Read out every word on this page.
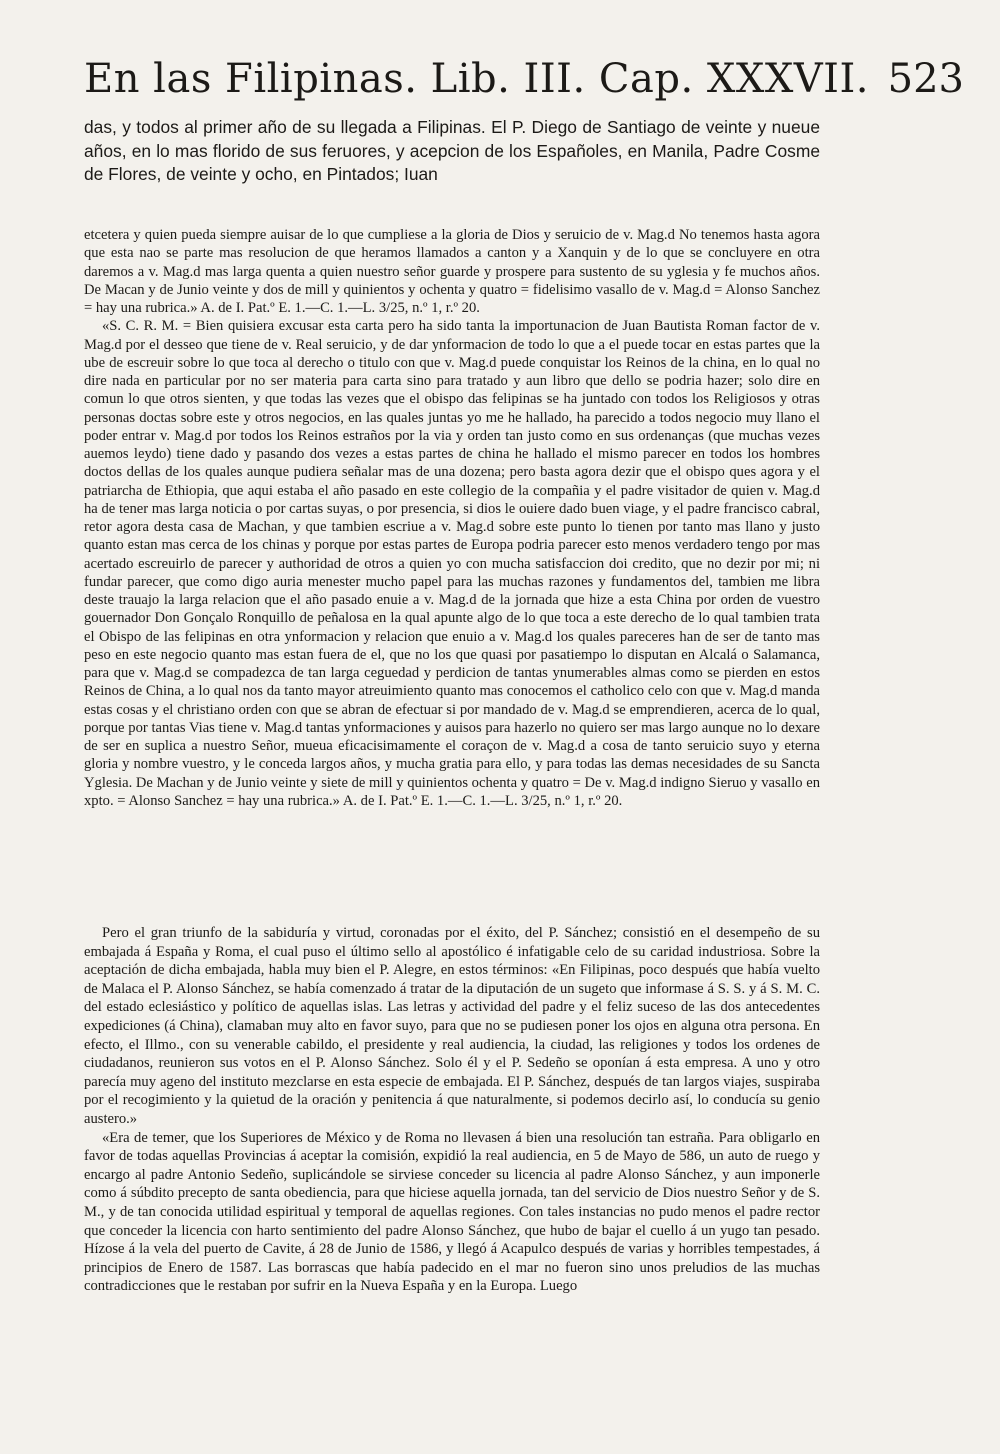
En las Filipinas. Lib. III. Cap. XXXVII. 523

das, y todos al primer año de su llegada a Filipinas. El P. Diego de Santiago de veinte y nueue años, en lo mas florido de sus feruores, y acepcion de los Españoles, en Manila, Padre Cosme de Flores, de veinte y ocho, en Pintados; Iuan

etcetera y quien pueda siempre auisar de lo que cumpliese a la gloria de Dios y seruicio de v. Mag.d No tenemos hasta agora que esta nao se parte mas resolucion de que heramos llamados a canton y a Xanquin y de lo que se concluyere en otra daremos a v. Mag.d mas larga quenta a quien nuestro señor guarde y prospere para sustento de su yglesia y fe muchos años. De Macan y de Junio veinte y dos de mill y quinientos y ochenta y quatro = fidelisimo vasallo de v. Mag.d = Alonso Sanchez = hay una rubrica.» A. de I. Pat.º E. 1.—C. 1.—L. 3/25, n.º 1, r.º 20.

«S. C. R. M. = Bien quisiera excusar esta carta pero ha sido tanta la importunacion de Juan Bautista Roman factor de v. Mag.d por el desseo que tiene de v. Real seruicio, y de dar ynformacion de todo lo que a el puede tocar en estas partes que la ube de escreuir sobre lo que toca al derecho o titulo con que v. Mag.d puede conquistar los Reinos de la china, en lo qual no dire nada en particular por no ser materia para carta sino para tratado y aun libro que dello se podria hazer; solo dire en comun lo que otros sienten, y que todas las vezes que el obispo das felipinas se ha juntado con todos los Religiosos y otras personas doctas sobre este y otros negocios, en las quales juntas yo me he hallado, ha parecido a todos negocio muy llano el poder entrar v. Mag.d por todos los Reinos estraños por la via y orden tan justo como en sus ordenanças (que muchas vezes auemos leydo) tiene dado y pasando dos vezes a estas partes de china he hallado el mismo parecer en todos los hombres doctos dellas de los quales aunque pudiera señalar mas de una dozena; pero basta agora dezir que el obispo ques agora y el patriarcha de Ethiopia, que aqui estaba el año pasado en este collegio de la compañia y el padre visitador de quien v. Mag.d ha de tener mas larga noticia o por cartas suyas, o por presencia, si dios le ouiere dado buen viage, y el padre francisco cabral, retor agora desta casa de Machan, y que tambien escriue a v. Mag.d sobre este punto lo tienen por tanto mas llano y justo quanto estan mas cerca de los chinas y porque por estas partes de Europa podria parecer esto menos verdadero tengo por mas acertado escreuirlo de parecer y authoridad de otros a quien yo con mucha satisfaccion doi credito, que no dezir por mi; ni fundar parecer, que como digo auria menester mucho papel para las muchas razones y fundamentos del, tambien me libra deste trauajo la larga relacion que el año pasado enuie a v. Mag.d de la jornada que hize a esta China por orden de vuestro gouernador Don Gonçalo Ronquillo de peñalosa en la qual apunte algo de lo que toca a este derecho de lo qual tambien trata el Obispo de las felipinas en otra ynformacion y relacion que enuio a v. Mag.d los quales pareceres han de ser de tanto mas peso en este negocio quanto mas estan fuera de el, que no los que quasi por pasatiempo lo disputan en Alcalá o Salamanca, para que v. Mag.d se compadezca de tan larga ceguedad y perdicion de tantas ynumerables almas como se pierden en estos Reinos de China, a lo qual nos da tanto mayor atreuimiento quanto mas conocemos el catholico celo con que v. Mag.d manda estas cosas y el christiano orden con que se abran de efectuar si por mandado de v. Mag.d se emprendieren, acerca de lo qual, porque por tantas Vias tiene v. Mag.d tantas ynformaciones y auisos para hazerlo no quiero ser mas largo aunque no lo dexare de ser en suplica a nuestro Señor, mueua eficacisimamente el coraçon de v. Mag.d a cosa de tanto seruicio suyo y eterna gloria y nombre vuestro, y le conceda largos años, y mucha gratia para ello, y para todas las demas necesidades de su Sancta Yglesia. De Machan y de Junio veinte y siete de mill y quinientos ochenta y quatro = De v. Mag.d indigno Sieruo y vasallo en xpto. = Alonso Sanchez = hay una rubrica.» A. de I. Pat.º E. 1.—C. 1.—L. 3/25, n.º 1, r.º 20.

Pero el gran triunfo de la sabiduría y virtud, coronadas por el éxito, del P. Sánchez; consistió en el desempeño de su embajada á España y Roma, el cual puso el último sello al apostólico é infatigable celo de su caridad industriosa. Sobre la aceptación de dicha embajada, habla muy bien el P. Alegre, en estos términos: «En Filipinas, poco después que había vuelto de Malaca el P. Alonso Sánchez, se había comenzado á tratar de la diputación de un sugeto que informase á S. S. y á S. M. C. del estado eclesiástico y político de aquellas islas. Las letras y actividad del padre y el feliz suceso de las dos antecedentes expediciones (á China), clamaban muy alto en favor suyo, para que no se pudiesen poner los ojos en alguna otra persona. En efecto, el Illmo., con su venerable cabildo, el presidente y real audiencia, la ciudad, las religiones y todos los ordenes de ciudadanos, reunieron sus votos en el P. Alonso Sánchez. Solo él y el P. Sedeño se oponían á esta empresa. A uno y otro parecía muy ageno del instituto mezclarse en esta especie de embajada. El P. Sánchez, después de tan largos viajes, suspiraba por el recogimiento y la quietud de la oración y penitencia á que naturalmente, si podemos decirlo así, lo conducía su genio austero.»

«Era de temer, que los Superiores de México y de Roma no llevasen á bien una resolución tan estraña. Para obligarlo en favor de todas aquellas Provincias á aceptar la comisión, expidió la real audiencia, en 5 de Mayo de 586, un auto de ruego y encargo al padre Antonio Sedeño, suplicándole se sirviese conceder su licencia al padre Alonso Sánchez, y aun imponerle como á súbdito precepto de santa obediencia, para que hiciese aquella jornada, tan del servicio de Dios nuestro Señor y de S. M., y de tan conocida utilidad espiritual y temporal de aquellas regiones. Con tales instancias no pudo menos el padre rector que conceder la licencia con harto sentimiento del padre Alonso Sánchez, que hubo de bajar el cuello á un yugo tan pesado. Hízose á la vela del puerto de Cavite, á 28 de Junio de 1586, y llegó á Acapulco después de varias y horribles tempestades, á principios de Enero de 1587. Las borrascas que había padecido en el mar no fueron sino unos preludios de las muchas contradicciones que le restaban por sufrir en la Nueva España y en la Europa. Luego
